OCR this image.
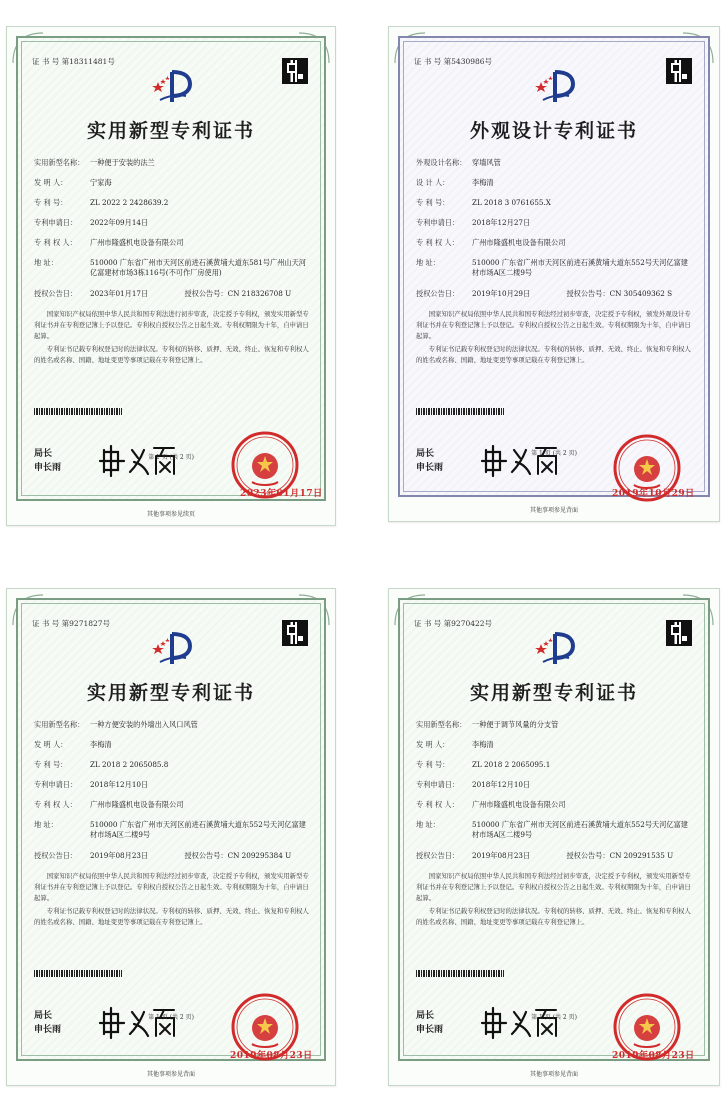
证 书 号 第18311481号
实用新型专利证书
实用新型名称： 一种便于安装的法兰
发 明 人：	宁家海
专 利 号：	ZL 2022 2 2428639.2
专利申请日： 2022年09月14日
专 利 权 人： 广州市隆盛机电设备有限公司
地 址：	510000 广东省广州市天河区前进石溪黄埔大道东581号广州山天河亿富建材市场3栋116号(不可作厂房使用)
授权公告日： 2023年01月17日	授权公告号：CN 218326708 U

国家知识产权局依照中华人民共和国专利法进行初步审查，决定授予专利权，颁发实用新型专利证书并在专利登记簿上予以登记。专利权自授权公告之日起生效。专利权期限为十年，自申请日起算。

专利证书记载专利权登记时的法律状况。专利权的转移、质押、无效、终止、恢复和专利权人的姓名或名称、国籍、地址变更等事项记载在专利登记簿上。

局长
申长雨
2023年01月17日
第 1 页 (共 2 页)
其他事项参见续页
证 书 号 第5430986号
外观设计专利证书
外观设计名称： 穿墙风管
设 计 人：	李梅清
专 利 号：	ZL 2018 3 0761655.X
专利申请日： 2018年12月27日
专 利 权 人： 广州市隆盛机电设备有限公司
地 址：	510000 广东省广州市天河区前进石溪黄埔大道东552号天河亿富建材市场A区二楼9号
授权公告日： 2019年10月29日	授权公告号：CN 305409362 S

国家知识产权局依照中华人民共和国专利法经过初步审查，决定授予专利权，颁发外观设计专利证书并在专利登记簿上予以登记。专利权自授权公告之日起生效。专利权期限为十年，自申请日起算。

专利证书记载专利权登记时的法律状况。专利权的转移、质押、无效、终止、恢复和专利权人的姓名或名称、国籍、地址变更等事项记载在专利登记簿上。

局长
申长雨
2019年10月29日
第 1 页 (共 2 页)
其他事项参见背面
证 书 号 第9271827号
实用新型专利证书
实用新型名称： 一种方便安装的外墙出入风口风管
发 明 人：	李梅清
专 利 号：	ZL 2018 2 2065085.8
专利申请日： 2018年12月10日
专 利 权 人： 广州市隆盛机电设备有限公司
地 址：	510000 广东省广州市天河区前进石溪黄埔大道东552号天河亿富建材市场A区二楼9号
授权公告日： 2019年08月23日	授权公告号：CN 209295384 U

国家知识产权局依照中华人民共和国专利法经过初步审查，决定授予专利权，颁发实用新型专利证书并在专利登记簿上予以登记。专利权自授权公告之日起生效。专利权期限为十年，自申请日起算。

专利证书记载专利权登记时的法律状况。专利权的转移、质押、无效、终止、恢复和专利权人的姓名或名称、国籍、地址变更等事项记载在专利登记簿上。

局长
申长雨
2019年08月23日
第 1 页 (共 2 页)
其他事项参见背面
证 书 号 第9270422号
实用新型专利证书
实用新型名称： 一种便于调节风量的分支管
发 明 人：	李梅清
专 利 号：	ZL 2018 2 2065095.1
专利申请日： 2018年12月10日
专 利 权 人： 广州市隆盛机电设备有限公司
地 址：	510000 广东省广州市天河区前进石溪黄埔大道东552号天河亿富建材市场A区二楼9号
授权公告日： 2019年08月23日	授权公告号：CN 209291535 U

国家知识产权局依照中华人民共和国专利法经过初步审查，决定授予专利权，颁发实用新型专利证书并在专利登记簿上予以登记。专利权自授权公告之日起生效。专利权期限为十年，自申请日起算。

专利证书记载专利权登记时的法律状况。专利权的转移、质押、无效、终止、恢复和专利权人的姓名或名称、国籍、地址变更等事项记载在专利登记簿上。

局长
申长雨
2019年08月23日
第 1 页 (共 2 页)
其他事项参见背面
